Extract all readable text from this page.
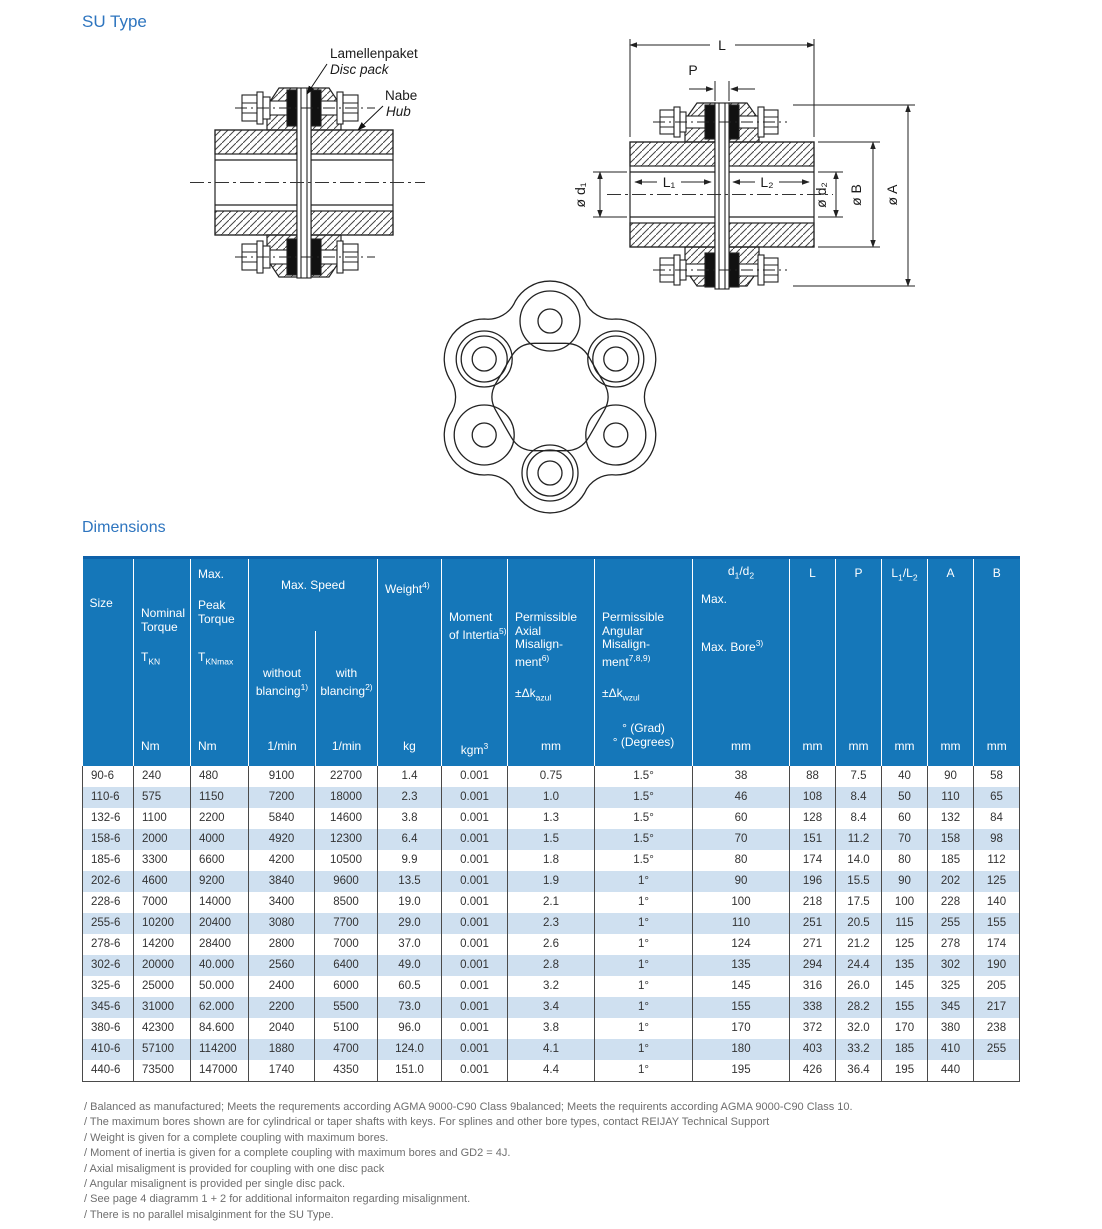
SU Type
Lamellenpaket
Disc pack
Nabe
Hub
L
P
L₁	L₂
ø d₁	ø d₂ ø B ø A
Dimensions
Size

Nominal
Torque
$T_{KN}$
Nm

Max.
Peak
Torque
$T_{KNmax}$
Nm

Max. Speed
without
blancing$^{1)}$
with
blancing$^{2)}$
1/min	1/min

Weight$^{4)}$
kg

Moment
of Intertia$^{5)}$
kgm$^3$

Permissible
Axial
Misalign-
ment$^{6)}$
$\pm\Delta k_{azul}$
mm

Permissible
Angular
Misalign-
ment$^{7,8,9)}$
$\pm\Delta k_{wzul}$
° (Grad)
° (Degrees)

$d_1/d_2$
Max.
Max. Bore$^{3)}$
mm

L
mm

P
mm

$L_1/L_2$
mm

A
mm

B
mm

90-6	240	480	9100	22700	1.4	0.001	0.75	1.5°	38	88	7.5	40	90	58
110-6	575	1150	7200	18000	2.3	0.001	1.0	1.5°	46	108	8.4	50	110	65
132-6	1100	2200	5840	14600	3.8	0.001	1.3	1.5°	60	128	8.4	60	132	84
158-6	2000	4000	4920	12300	6.4	0.001	1.5	1.5°	70	151	11.2	70	158	98
185-6	3300	6600	4200	10500	9.9	0.001	1.8	1.5°	80	174	14.0	80	185	112
202-6	4600	9200	3840	9600	13.5	0.001	1.9	1°	90	196	15.5	90	202	125
228-6	7000	14000	3400	8500	19.0	0.001	2.1	1°	100	218	17.5	100	228	140
255-6	10200	20400	3080	7700	29.0	0.001	2.3	1°	110	251	20.5	115	255	155
278-6	14200	28400	2800	7000	37.0	0.001	2.6	1°	124	271	21.2	125	278	174
302-6	20000	40.000	2560	6400	49.0	0.001	2.8	1°	135	294	24.4	135	302	190
325-6	25000	50.000	2400	6000	60.5	0.001	3.2	1°	145	316	26.0	145	325	205
345-6	31000	62.000	2200	5500	73.0	0.001	3.4	1°	155	338	28.2	155	345	217
380-6	42300	84.600	2040	5100	96.0	0.001	3.8	1°	170	372	32.0	170	380	238
410-6	57100	114200	1880	4700	124.0	0.001	4.1	1°	180	403	33.2	185	410	255
440-6	73500	147000	1740	4350	151.0	0.001	4.4	1°	195	426	36.4	195	440	
/ Balanced as manufactured; Meets the requrements according AGMA 9000-C90 Class 9balanced; Meets the requirents according AGMA 9000-C90 Class 10.
/ The maximum bores shown are for cylindrical or taper shafts with keys. For splines and other bore types, contact REIJAY Technical Support
/ Weight is given for a complete coupling with maximum bores.
/ Moment of inertia is given for a complete coupling with maximum bores and GD2 = 4J.
/ Axial misaligment is provided for coupling with one disc pack
/ Angular misalignent is provided per single disc pack.
/ See page 4 diagramm 1 + 2 for additional informaiton regarding misalignment.
/ There is no parallel misalginment for the SU Type.
